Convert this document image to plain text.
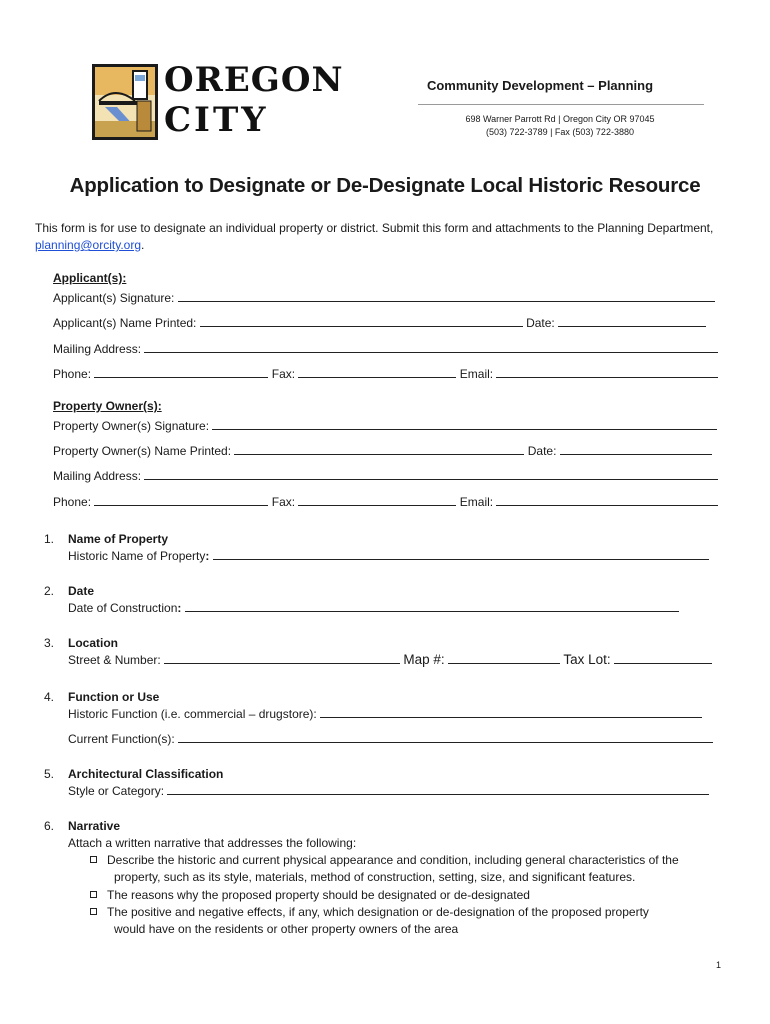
OREGON
CITY
Community Development – Planning
698 Warner Parrott Rd | Oregon City OR 97045
(503) 722-3789 | Fax (503) 722-3880
Application to Designate or De-Designate Local Historic Resource
This form is for use to designate an individual property or district. Submit this form and attachments to the Planning Department, planning@orcity.org.
Applicant(s):
Applicant(s) Signature:
Applicant(s) Name Printed:	Date:
Mailing Address:
Phone:	Fax:	Email:
Property Owner(s):
Property Owner(s) Signature:
Property Owner(s) Name Printed:	Date:
Mailing Address:
Phone:	Fax:	Email:
1. Name of Property
Historic Name of Property:
2. Date
Date of Construction:
3. Location
Street & Number:	Map #:	Tax Lot:
4. Function or Use
Historic Function (i.e. commercial – drugstore):
Current Function(s):
5. Architectural Classification
Style or Category:
6. Narrative
Attach a written narrative that addresses the following:
Describe the historic and current physical appearance and condition, including general characteristics of the
property, such as its style, materials, method of construction, setting, size, and significant features.
The reasons why the proposed property should be designated or de-designated
The positive and negative effects, if any, which designation or de-designation of the proposed property
would have on the residents or other property owners of the area
1
